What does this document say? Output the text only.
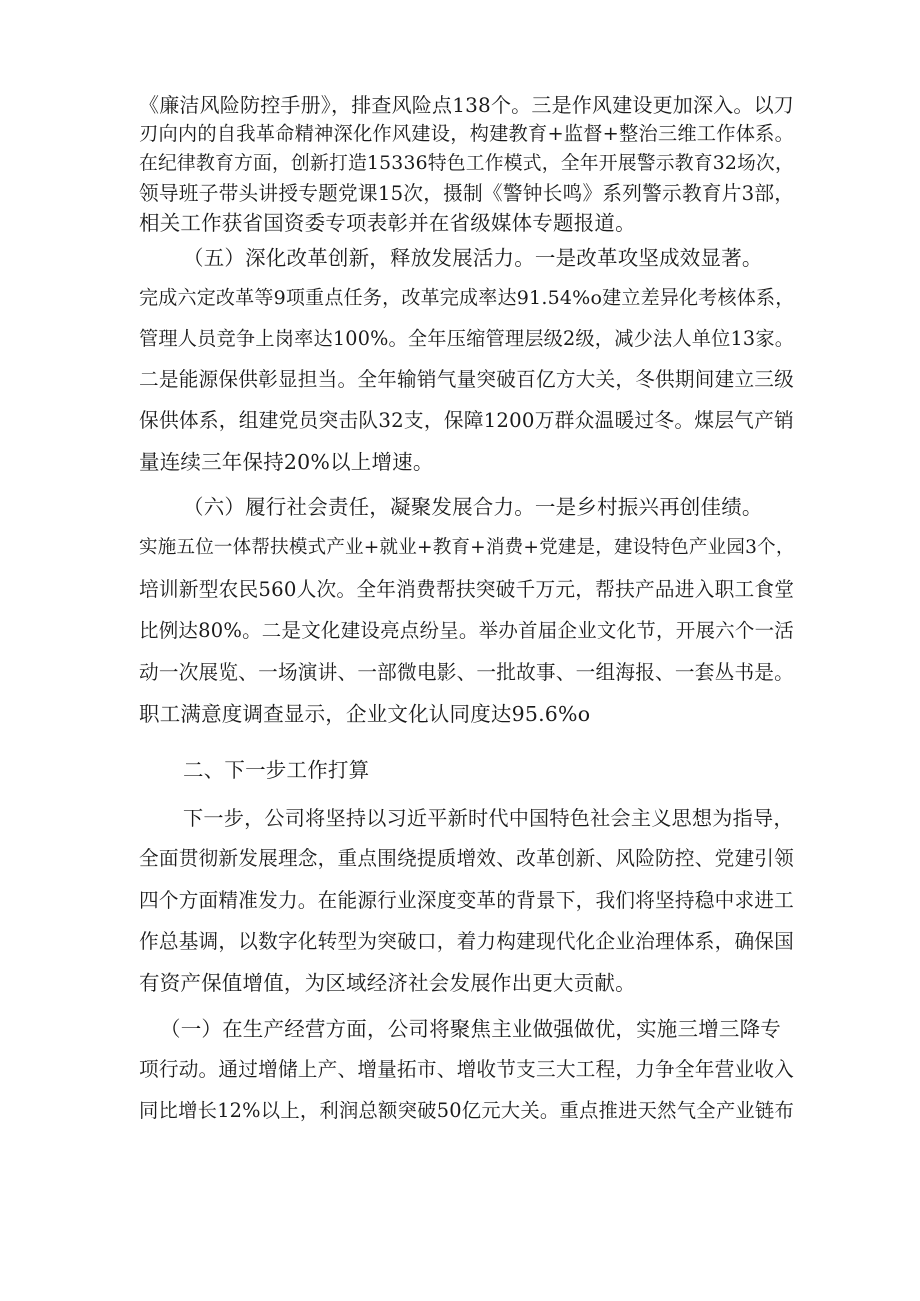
《廉洁风险防控手册》，排查风险点138个。三是作风建设更加深入。以刀
刃向内的自我革命精神深化作风建设，构建教育+监督+整治三维工作体系。
在纪律教育方面，创新打造15336特色工作模式，全年开展警示教育32场次，
领导班子带头讲授专题党课15次，摄制《警钟长鸣》系列警示教育片3部，
相关工作获省国资委专项表彰并在省级媒体专题报道。
（五）深化改革创新，释放发展活力。一是改革攻坚成效显著。
完成六定改革等9项重点任务，改革完成率达91.54%o建立差异化考核体系，
管理人员竞争上岗率达100%。全年压缩管理层级2级，减少法人单位13家。
二是能源保供彰显担当。全年输销气量突破百亿方大关，冬供期间建立三级
保供体系，组建党员突击队32支，保障1200万群众温暖过冬。煤层气产销
量连续三年保持20%以上增速。
（六）履行社会责任，凝聚发展合力。一是乡村振兴再创佳绩。
实施五位一体帮扶模式产业+就业+教育+消费+党建是，建设特色产业园3个，
培训新型农民560人次。全年消费帮扶突破千万元，帮扶产品进入职工食堂
比例达80%。二是文化建设亮点纷呈。举办首届企业文化节，开展六个一活
动一次展览、一场演讲、一部微电影、一批故事、一组海报、一套丛书是。
职工满意度调查显示，企业文化认同度达95.6%o
二、下一步工作打算
下一步，公司将坚持以习近平新时代中国特色社会主义思想为指导，
全面贯彻新发展理念，重点围绕提质增效、改革创新、风险防控、党建引领
四个方面精准发力。在能源行业深度变革的背景下，我们将坚持稳中求进工
作总基调，以数字化转型为突破口，着力构建现代化企业治理体系，确保国
有资产保值增值，为区域经济社会发展作出更大贡献。
（一）在生产经营方面，公司将聚焦主业做强做优，实施三增三降专
项行动。通过增储上产、增量拓市、增收节支三大工程，力争全年营业收入
同比增长12%以上，利润总额突破50亿元大关。重点推进天然气全产业链布
